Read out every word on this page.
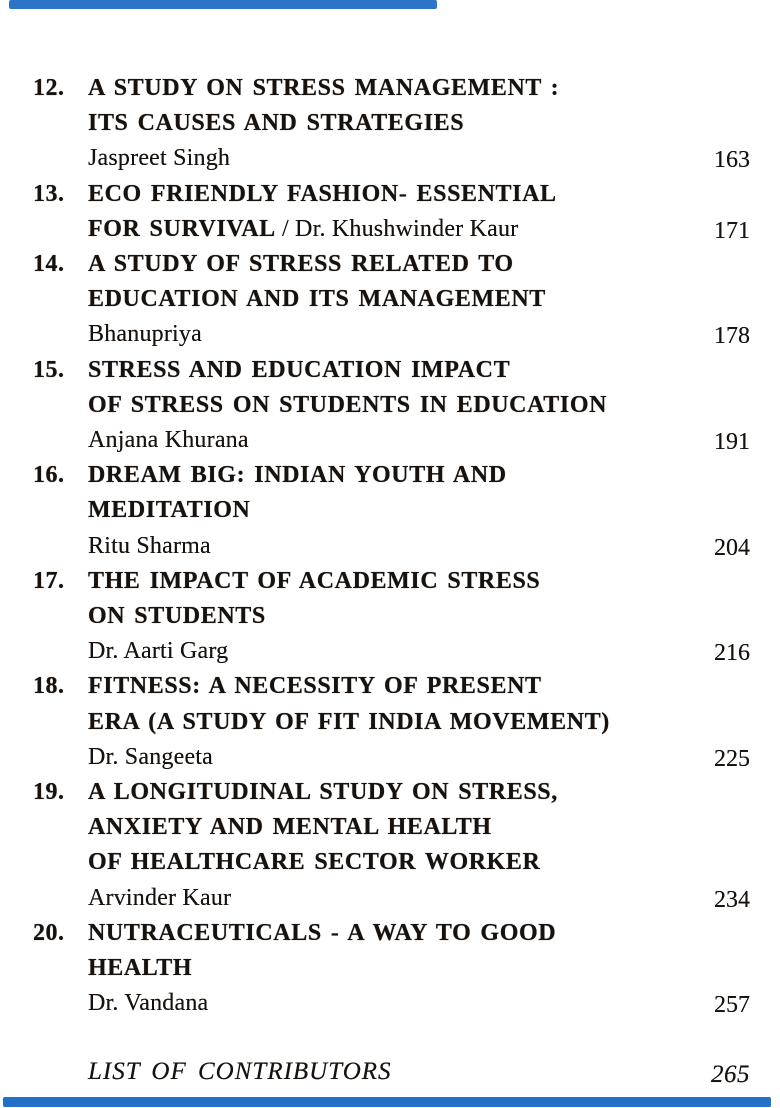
12. A STUDY ON STRESS MANAGEMENT :
ITS CAUSES AND STRATEGIES
Jaspreet Singh	163
13. ECO FRIENDLY FASHION- ESSENTIAL
FOR SURVIVAL / Dr. Khushwinder Kaur	171
14. A STUDY OF STRESS RELATED TO
EDUCATION AND ITS MANAGEMENT
Bhanupriya	178
15. STRESS AND EDUCATION IMPACT
OF STRESS ON STUDENTS IN EDUCATION
Anjana Khurana	191
16. DREAM BIG: INDIAN YOUTH AND
MEDITATION
Ritu Sharma	204
17. THE IMPACT OF ACADEMIC STRESS
ON STUDENTS
Dr. Aarti Garg	216
18. FITNESS: A NECESSITY OF PRESENT
ERA (A STUDY OF FIT INDIA MOVEMENT)
Dr. Sangeeta	225
19. A LONGITUDINAL STUDY ON STRESS,
ANXIETY AND MENTAL HEALTH
OF HEALTHCARE SECTOR WORKER
Arvinder Kaur	234
20. NUTRACEUTICALS - A WAY TO GOOD
HEALTH
Dr. Vandana	257
LIST OF CONTRIBUTORS	265
